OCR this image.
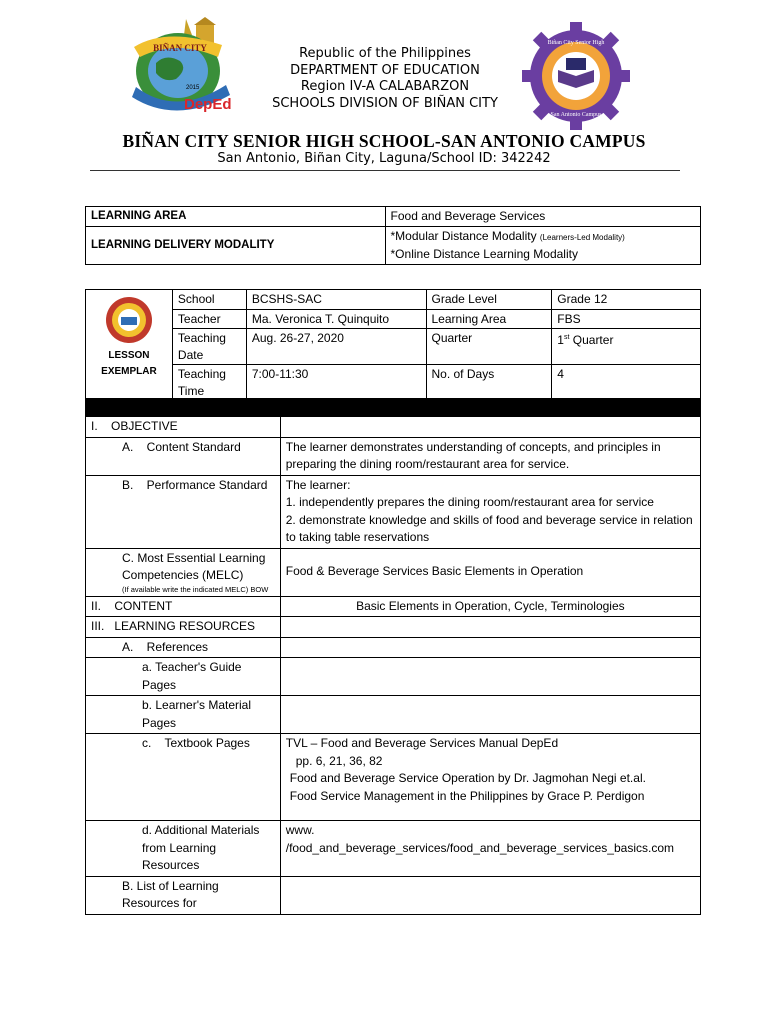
BIÑAN CITY
2015
DepEd
Republic of the Philippines
DEPARTMENT OF EDUCATION
Region IV-A CALABARZON
SCHOOLS DIVISION OF BIÑAN CITY
Biñan City Senior High
San Antonio Campus
BIÑAN CITY SENIOR HIGH SCHOOL-SAN ANTONIO CAMPUS
San Antonio, Biñan City, Laguna/School ID: 342242
LEARNING AREA	Food and Beverage Services
LEARNING DELIVERY MODALITY	*Modular Distance Modality (Learners-Led Modality)
*Online Distance Learning Modality
LESSON
EXEMPLAR	School	BCSHS-SAC	Grade Level	Grade 12
	Teacher	Ma. Veronica T. Quinquito	Learning Area	FBS
	Teaching Date	Aug. 26-27, 2020	Quarter	1st Quarter
	Teaching Time	7:00-11:30	No. of Days	4

I.    OBJECTIVE	
A.    Content Standard	The learner demonstrates understanding of concepts, and principles in preparing the dining room/restaurant area for service.
B.    Performance Standard	The learner:
1. independently prepares the dining room/restaurant area for service
2. demonstrate knowledge and skills of food and beverage service in relation to taking table reservations

C. Most Essential Learning Competencies (MELC)
(If available write the indicated MELC) BOW	Food & Beverage Services Basic Elements in Operation
II.    CONTENT	Basic Elements in Operation, Cycle, Terminologies
III.   LEARNING RESOURCES	
A.    References	
a. Teacher's Guide Pages	
b. Learner's Material Pages	
c.    Textbook Pages	TVL – Food and Beverage Services Manual DepEd
pp. 6, 21, 36, 82
Food and Beverage Service Operation by Dr. Jagmohan Negi et.al.
Food Service Management in the Philippines by Grace P. Perdigon

d. Additional Materials from Learning Resources	www.
/food_and_beverage_services/food_and_beverage_services_basics.com

B. List of Learning Resources for	
